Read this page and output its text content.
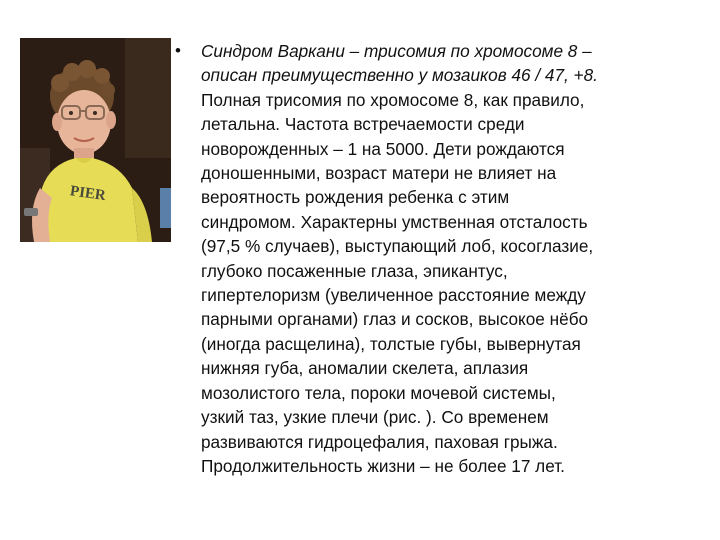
PIER
•	Синдром Варкани – трисомия по хромосоме 8 –
описан преимущественно у мозаиков 46 / 47, +8.
Полная трисомия по хромосоме 8, как правило,
летальна. Частота встречаемости среди
новорожденных – 1 на 5000. Дети рождаются
доношенными, возраст матери не влияет на
вероятность рождения ребенка с этим
синдромом. Характерны умственная отсталость
(97,5 % случаев), выступающий лоб, косоглазие,
глубоко посаженные глаза, эпикантус,
гипертелоризм (увеличенное расстояние между
парными органами) глаз и сосков, высокое нёбо
(иногда расщелина), толстые губы, вывернутая
нижняя губа, аномалии скелета, аплазия
мозолистого тела, пороки мочевой системы,
узкий таз, узкие плечи (рис. ). Со временем
развиваются гидроцефалия, паховая грыжа.
Продолжительность жизни – не более 17 лет.
